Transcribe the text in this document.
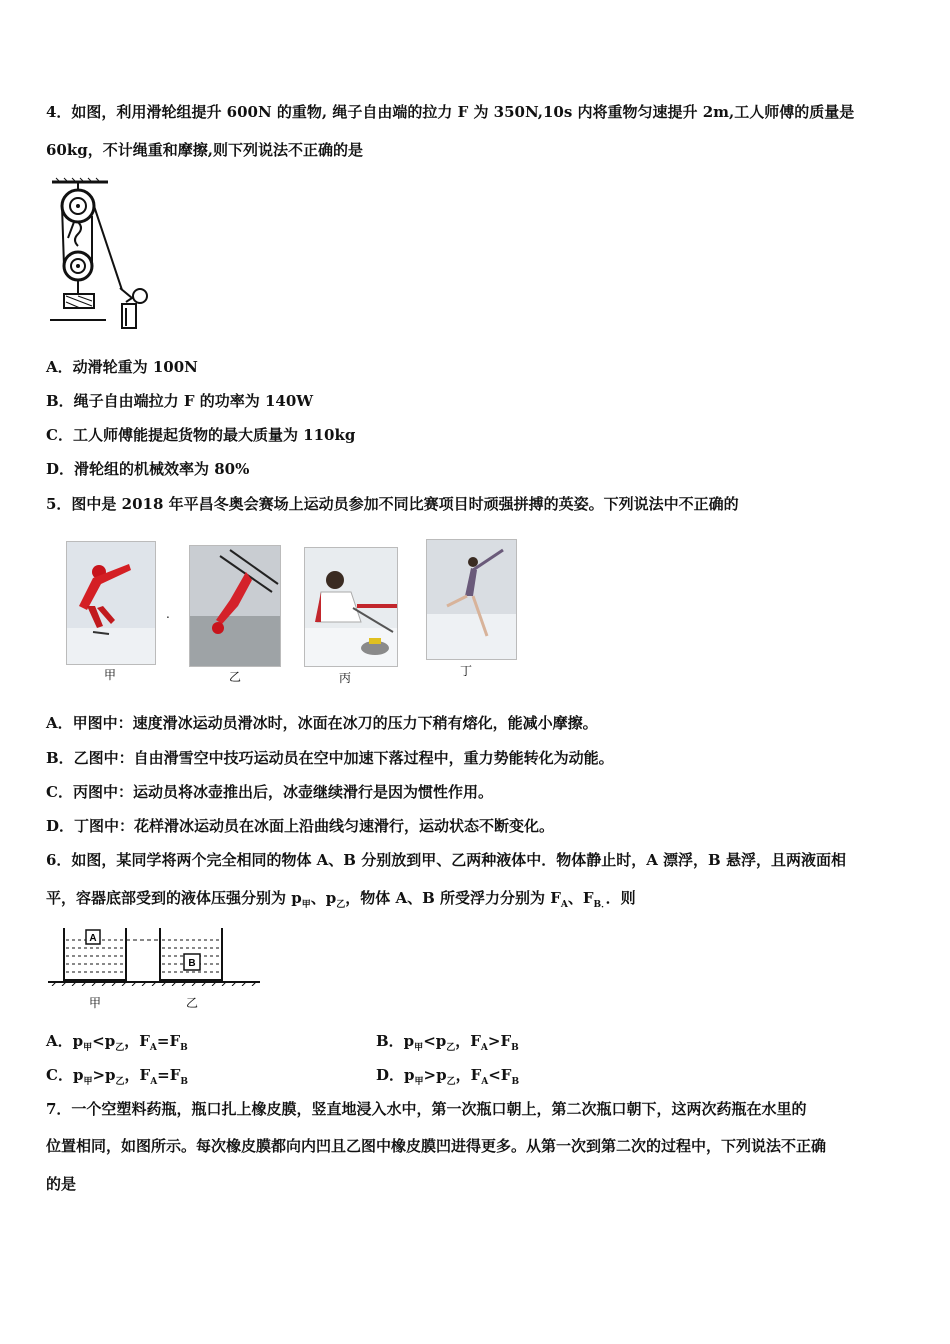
4．如图，利用滑轮组提升 600N 的重物, 绳子自由端的拉力 F 为 350N,10s 内将重物匀速提升 2m,工人师傅的质量是
60kg，不计绳重和摩擦,则下列说法不正确的是
A．动滑轮重为 100N
B．绳子自由端拉力 F 的功率为 140W
C．工人师傅能提起货物的最大质量为 110kg
D．滑轮组的机械效率为 80%
5．图中是 2018 年平昌冬奥会赛场上运动员参加不同比赛项目时顽强拼搏的英姿。下列说法中不正确的
甲
.
乙	丙	丁
A．甲图中：速度滑冰运动员滑冰时，冰面在冰刀的压力下稍有熔化，能减小摩擦。
B．乙图中：自由滑雪空中技巧运动员在空中加速下落过程中，重力势能转化为动能。
C．丙图中：运动员将冰壶推出后，冰壶继续滑行是因为惯性作用。
D．丁图中：花样滑冰运动员在冰面上沿曲线匀速滑行，运动状态不断变化。
6．如图，某同学将两个完全相同的物体 A、B 分别放到甲、乙两种液体中．物体静止时，A 漂浮，B 悬浮，且两液面相
平，容器底部受到的液体压强分别为 $p_甲$、$p_乙$，物体 A、B 所受浮力分别为 $F_A$、$F_{B.}$．则
A
B
甲	乙
A．$p_甲<p_乙$，$F_A=F_B$	B．$p_甲<p_乙$，$F_A>F_B$
C．$p_甲>p_乙$，$F_A=F_B$	D．$p_甲>p_乙$，$F_A<F_B$
7．一个空塑料药瓶，瓶口扎上橡皮膜，竖直地浸入水中，第一次瓶口朝上，第二次瓶口朝下，这两次药瓶在水里的
位置相同，如图所示。每次橡皮膜都向内凹且乙图中橡皮膜凹进得更多。从第一次到第二次的过程中，下列说法不正确
的是
